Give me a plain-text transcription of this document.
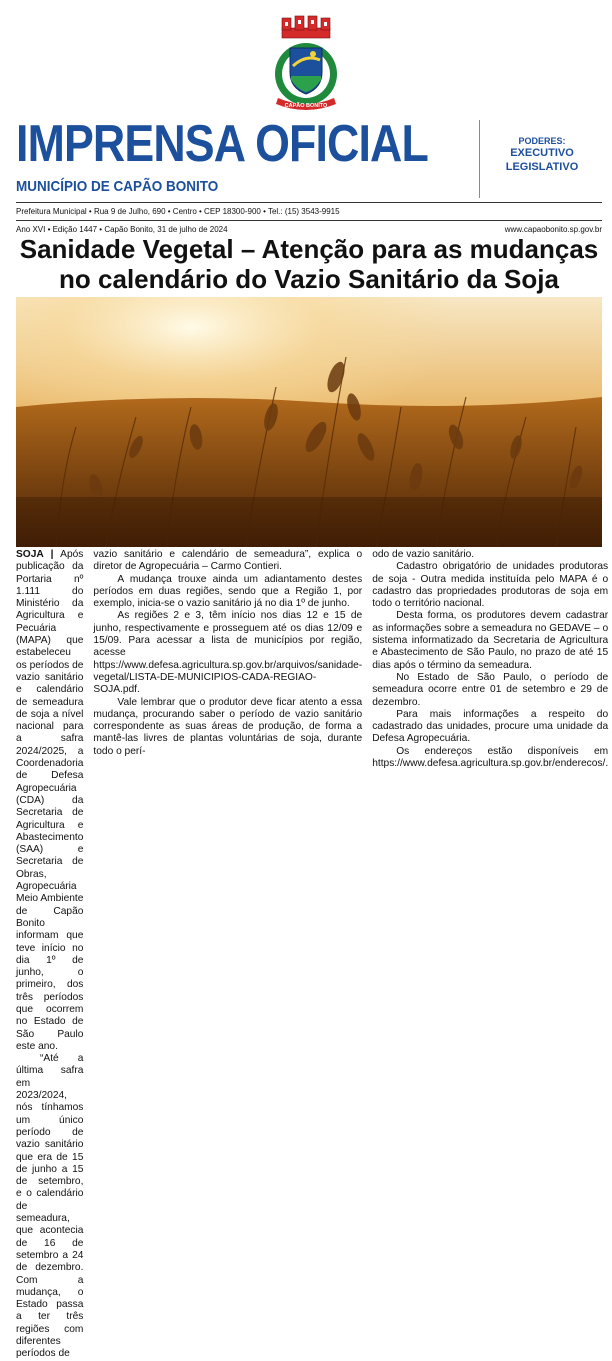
CAPÃO BONITO
IMPRENSA OFICIAL
MUNICÍPIO DE CAPÃO BONITO
PODERES:
EXECUTIVO
LEGISLATIVO
Prefeitura Municipal • Rua 9 de Julho, 690 • Centro • CEP 18300-900 • Tel.: (15) 3543-9915
Ano XVI • Edição 1447 • Capão Bonito, 31 de julho de 2024	www.capaobonito.sp.gov.br
Sanidade Vegetal – Atenção para as mudanças no calendário do Vazio Sanitário da Soja

SOJA | Após publicação da Portaria nº 1.111 do Ministério da Agricultura e Pecuária (MAPA) que estabeleceu os períodos de vazio sanitário e calendário de semeadura de soja a nível nacional para a safra 2024/2025, a Coordenadoria de Defesa Agropecuária (CDA) da Secretaria de Agricultura e Abastecimento (SAA) e Secretaria de Obras, Agropecuária Meio Ambiente de Capão Bonito informam que teve início no dia 1º de junho, o primeiro, dos três períodos que ocorrem no Estado de São Paulo este ano.

“Até a última safra em 2023/2024, nós tínhamos um único período de vazio sanitário que era de 15 de junho a 15 de setembro, e o calendário de semeadura, que acontecia de 16 de setembro a 24 de dezembro. Com a mudança, o Estado passa a ter três regiões com diferentes períodos de

vazio sanitário e calendário de semeadura”, explica o diretor de Agropecuária – Carmo Contieri.

A mudança trouxe ainda um adiantamento destes períodos em duas regiões, sendo que a Região 1, por exemplo, inicia-se o vazio sanitário já no dia 1º de junho.

As regiões 2 e 3, têm início nos dias 12 e 15 de junho, respectivamente e prosseguem até os dias 12/09 e 15/09. Para acessar a lista de municípios por região, acesse https://www.defesa.agricultura.sp.gov.br/arquivos/sanidade-vegetal/LISTA-DE-MUNICIPIOS-CADA-REGIAO-SOJA.pdf.

Vale lembrar que o produtor deve ficar atento a essa mudança, procurando saber o período de vazio sanitário correspondente as suas áreas de produção, de forma a mantê-las livres de plantas voluntárias de soja, durante todo o perí-

odo de vazio sanitário.

Cadastro obrigatório de unidades produtoras de soja - Outra medida instituída pelo MAPA é o cadastro das propriedades produtoras de soja em todo o território nacional.

Desta forma, os produtores devem cadastrar as informações sobre a semeadura no GEDAVE – o sistema informatizado da Secretaria de Agricultura e Abastecimento de São Paulo, no prazo de até 15 dias após o término da semeadura.

No Estado de São Paulo, o período de semeadura ocorre entre 01 de setembro e 29 de dezembro.

Para mais informações a respeito do cadastrado das unidades, procure uma unidade da Defesa Agropecuária.

Os endereços estão disponíveis em https://www.defesa.agricultura.sp.gov.br/enderecos/.
